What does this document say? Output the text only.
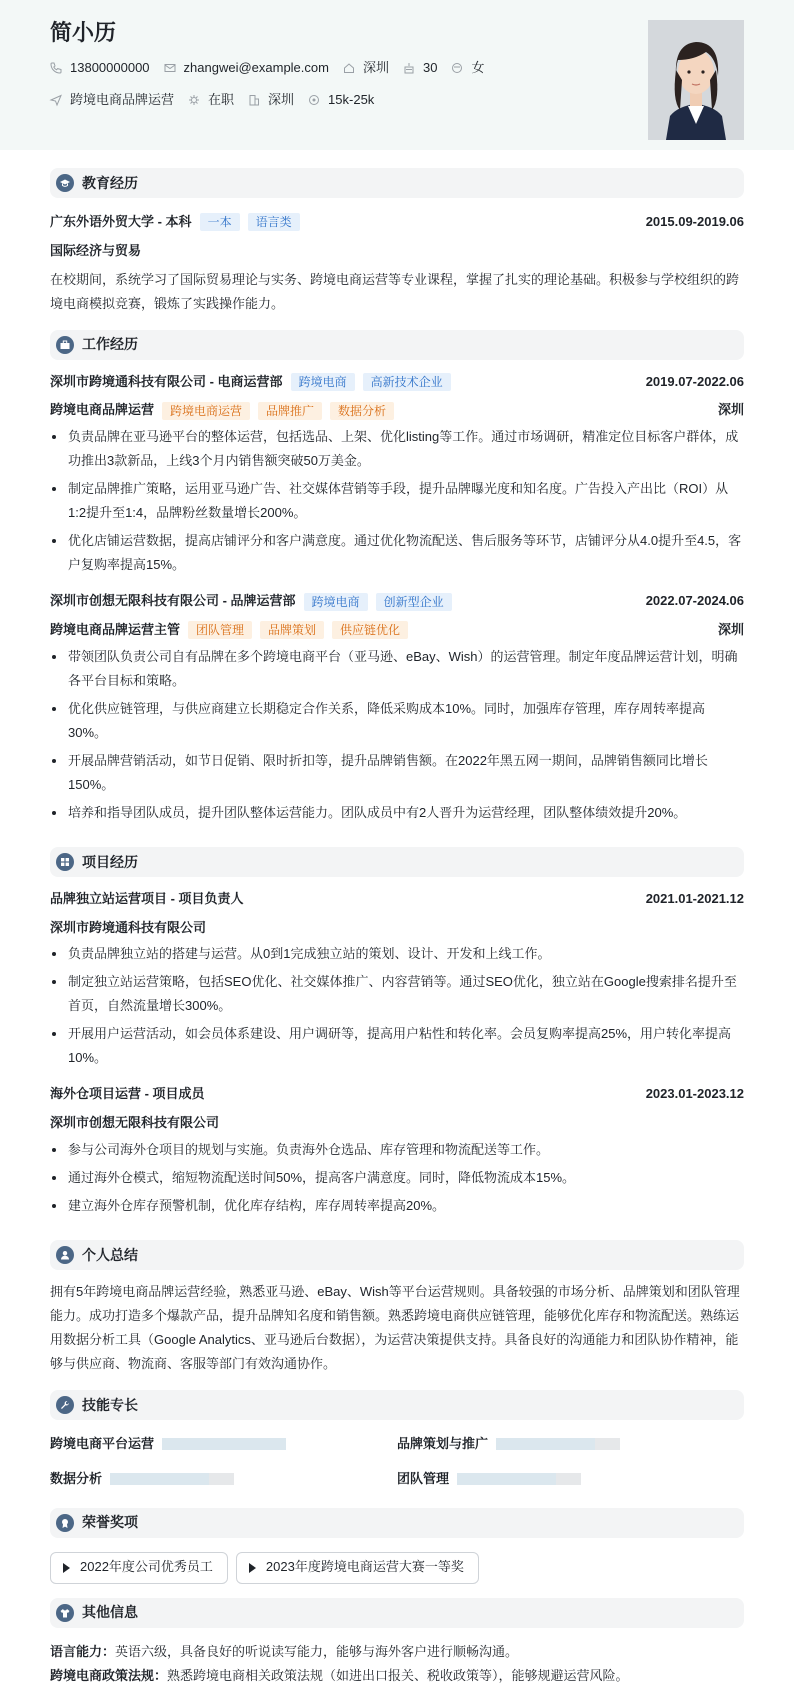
简小历
13800000000	zhangwei@example.com	深圳	30	女
跨境电商品牌运营	在职	深圳	15k-25k
教育经历
广东外语外贸大学 - 本科	一本	语言类	2015.09-2019.06
国际经济与贸易
在校期间，系统学习了国际贸易理论与实务、跨境电商运营等专业课程，掌握了扎实的理论基础。积极参与学校组织的跨境电商模拟竞赛，锻炼了实践操作能力。
工作经历
深圳市跨境通科技有限公司 - 电商运营部	跨境电商	高新技术企业	2019.07-2022.06
跨境电商品牌运营	跨境电商运营	品牌推广	数据分析	深圳
负责品牌在亚马逊平台的整体运营，包括选品、上架、优化listing等工作。通过市场调研，精准定位目标客户群体，成功推出3款新品，上线3个月内销售额突破50万美金。
制定品牌推广策略，运用亚马逊广告、社交媒体营销等手段，提升品牌曝光度和知名度。广告投入产出比（ROI）从1:2提升至1:4，品牌粉丝数量增长200%。
优化店铺运营数据，提高店铺评分和客户满意度。通过优化物流配送、售后服务等环节，店铺评分从4.0提升至4.5，客户复购率提高15%。
深圳市创想无限科技有限公司 - 品牌运营部	跨境电商	创新型企业	2022.07-2024.06
跨境电商品牌运营主管	团队管理	品牌策划	供应链优化	深圳
带领团队负责公司自有品牌在多个跨境电商平台（亚马逊、eBay、Wish）的运营管理。制定年度品牌运营计划，明确各平台目标和策略。
优化供应链管理，与供应商建立长期稳定合作关系，降低采购成本10%。同时，加强库存管理，库存周转率提高30%。
开展品牌营销活动，如节日促销、限时折扣等，提升品牌销售额。在2022年黑五网一期间，品牌销售额同比增长150%。
培养和指导团队成员，提升团队整体运营能力。团队成员中有2人晋升为运营经理，团队整体绩效提升20%。
项目经历
品牌独立站运营项目 - 项目负责人	2021.01-2021.12
深圳市跨境通科技有限公司
负责品牌独立站的搭建与运营。从0到1完成独立站的策划、设计、开发和上线工作。
制定独立站运营策略，包括SEO优化、社交媒体推广、内容营销等。通过SEO优化，独立站在Google搜索排名提升至首页，自然流量增长300%。
开展用户运营活动，如会员体系建设、用户调研等，提高用户粘性和转化率。会员复购率提高25%，用户转化率提高10%。
海外仓项目运营 - 项目成员	2023.01-2023.12
深圳市创想无限科技有限公司
参与公司海外仓项目的规划与实施。负责海外仓选品、库存管理和物流配送等工作。
通过海外仓模式，缩短物流配送时间50%，提高客户满意度。同时，降低物流成本15%。
建立海外仓库存预警机制，优化库存结构，库存周转率提高20%。
个人总结
拥有5年跨境电商品牌运营经验，熟悉亚马逊、eBay、Wish等平台运营规则。具备较强的市场分析、品牌策划和团队管理能力。成功打造多个爆款产品，提升品牌知名度和销售额。熟悉跨境电商供应链管理，能够优化库存和物流配送。熟练运用数据分析工具（Google Analytics、亚马逊后台数据），为运营决策提供支持。具备良好的沟通能力和团队协作精神，能够与供应商、物流商、客服等部门有效沟通协作。
技能专长
跨境电商平台运营	品牌策划与推广
数据分析	团队管理
荣誉奖项
2022年度公司优秀员工	2023年度跨境电商运营大赛一等奖
其他信息
语言能力：英语六级，具备良好的听说读写能力，能够与海外客户进行顺畅沟通。
跨境电商政策法规：熟悉跨境电商相关政策法规（如进出口报关、税收政策等），能够规避运营风险。
